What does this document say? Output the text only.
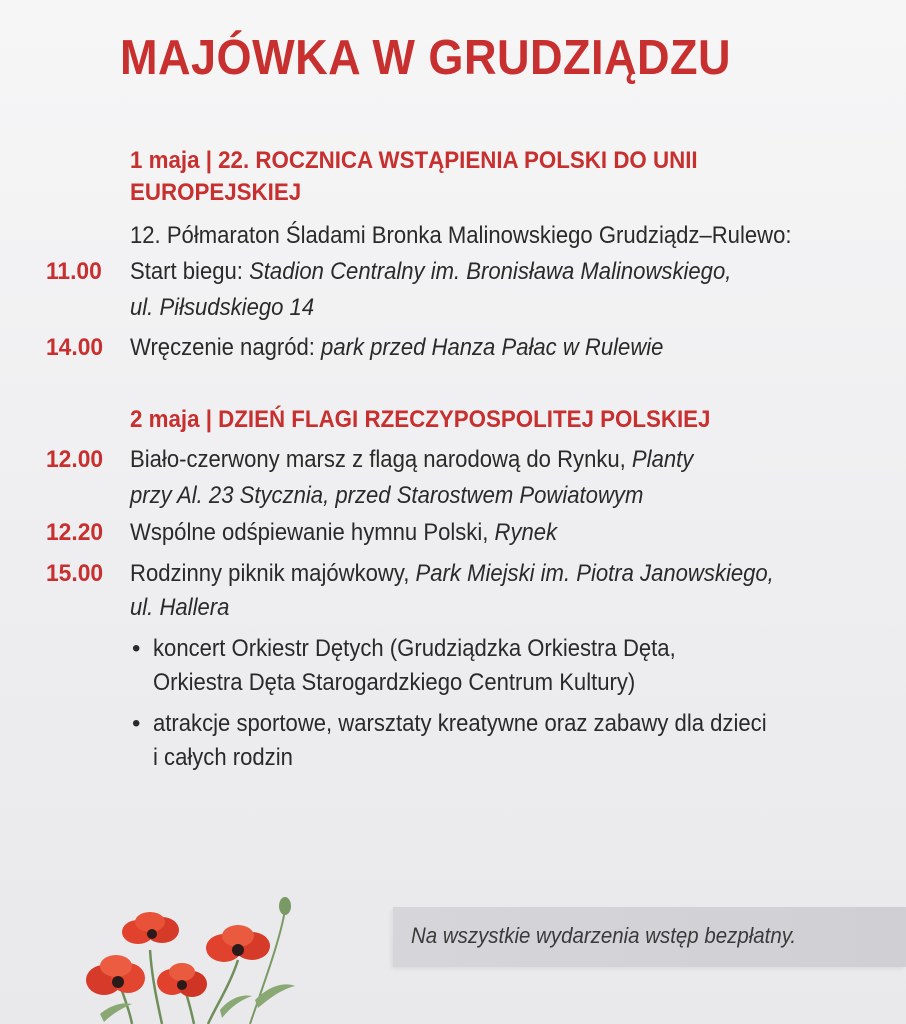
MAJÓWKA W GRUDZIĄDZU
1 maja | 22. ROCZNICA WSTĄPIENIA POLSKI DO UNII
EUROPEJSKIEJ
12. Półmaraton Śladami Bronka Malinowskiego Grudziądz–Rulewo:
11.00	Start biegu: Stadion Centralny im. Bronisława Malinowskiego,
ul. Piłsudskiego 14
14.00	Wręczenie nagród: park przed Hanza Pałac w Rulewie
2 maja | DZIEŃ FLAGI RZECZYPOSPOLITEJ POLSKIEJ
12.00	Biało-czerwony marsz z flagą narodową do Rynku, Planty
przy Al. 23 Stycznia, przed Starostwem Powiatowym
12.20	Wspólne odśpiewanie hymnu Polski, Rynek
15.00	Rodzinny piknik majówkowy, Park Miejski im. Piotra Janowskiego,
ul. Hallera
• koncert Orkiestr Dętych (Grudziądzka Orkiestra Dęta,
Orkiestra Dęta Starogardzkiego Centrum Kultury)
• atrakcje sportowe, warsztaty kreatywne oraz zabawy dla dzieci
i całych rodzin
Na wszystkie wydarzenia wstęp bezpłatny.
